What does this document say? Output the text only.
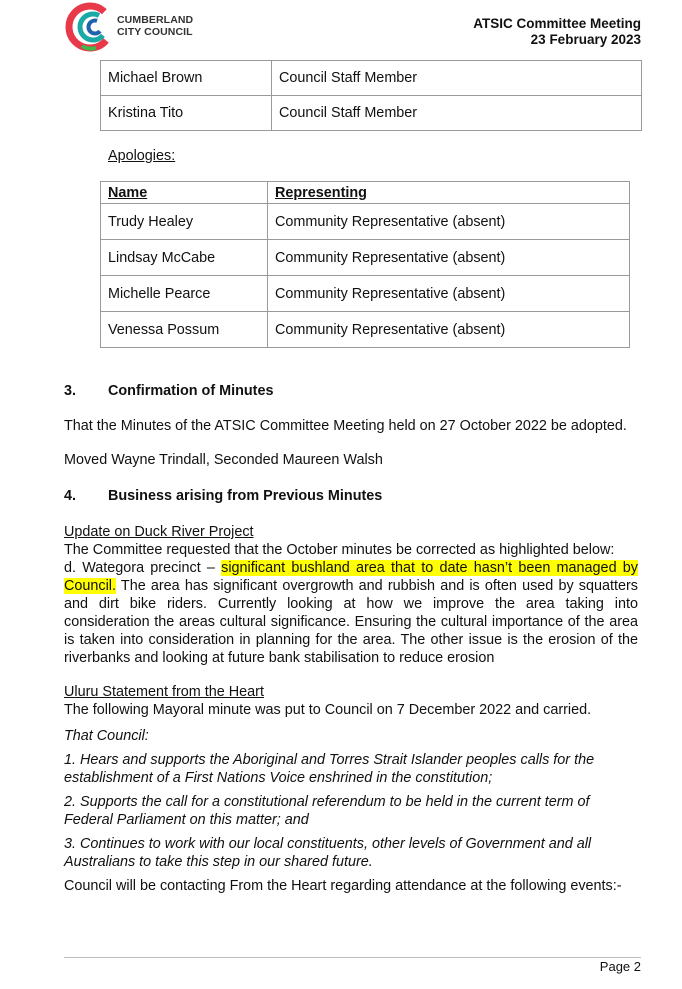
CUMBERLAND
CITY COUNCIL
ATSIC Committee Meeting
23 February 2023
Michael Brown	Council Staff Member
Kristina Tito	Council Staff Member
Apologies:
Name	Representing
Trudy Healey	Community Representative (absent)
Lindsay McCabe	Community Representative (absent)
Michelle Pearce	Community Representative (absent)
Venessa Possum	Community Representative (absent)
3. Confirmation of Minutes
That the Minutes of the ATSIC Committee Meeting held on 27 October 2022 be adopted.
Moved Wayne Trindall, Seconded Maureen Walsh
4. Business arising from Previous Minutes
Update on Duck River Project
The Committee requested that the October minutes be corrected as highlighted below:
d. Wategora precinct – significant bushland area that to date hasn’t been managed by Council. The area has significant overgrowth and rubbish and is often used by squatters and dirt bike riders. Currently looking at how we improve the area taking into consideration the areas cultural significance. Ensuring the cultural importance of the area is taken into consideration in planning for the area. The other issue is the erosion of the riverbanks and looking at future bank stabilisation to reduce erosion
Uluru Statement from the Heart
The following Mayoral minute was put to Council on 7 December 2022 and carried.
That Council:
1. Hears and supports the Aboriginal and Torres Strait Islander peoples calls for the establishment of a First Nations Voice enshrined in the constitution;
2. Supports the call for a constitutional referendum to be held in the current term of Federal Parliament on this matter; and
3. Continues to work with our local constituents, other levels of Government and all Australians to take this step in our shared future.
Council will be contacting From the Heart regarding attendance at the following events:-
Page 2
